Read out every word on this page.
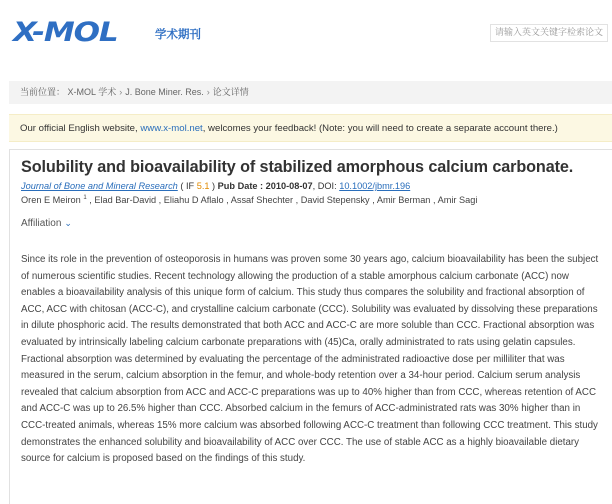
X-MOL	学术期刊
请输入英文关键字检索论文
当前位置： X-MOL 学术 › J. Bone Miner. Res. › 论文详情
Our official English website, www.x-mol.net, welcomes your feedback! (Note: you will need to create a separate account there.)
Solubility and bioavailability of stabilized amorphous calcium carbonate.
Journal of Bone and Mineral Research ( IF 5.1 ) Pub Date : 2010-08-07, DOI: 10.1002/jbmr.196
Oren E Meiron $^1$ , Elad Bar-David , Eliahu D Aflalo , Assaf Shechter , David Stepensky , Amir Berman , Amir Sagi
Affiliation ⌄
Since its role in the prevention of osteoporosis in humans was proven some 30 years ago, calcium bioavailability has been the subject of numerous scientific studies. Recent technology allowing the production of a stable amorphous calcium carbonate (ACC) now enables a bioavailability analysis of this unique form of calcium. This study thus compares the solubility and fractional absorption of ACC, ACC with chitosan (ACC-C), and crystalline calcium carbonate (CCC). Solubility was evaluated by dissolving these preparations in dilute phosphoric acid. The results demonstrated that both ACC and ACC-C are more soluble than CCC. Fractional absorption was evaluated by intrinsically labeling calcium carbonate preparations with (45)Ca, orally administrated to rats using gelatin capsules. Fractional absorption was determined by evaluating the percentage of the administrated radioactive dose per milliliter that was measured in the serum, calcium absorption in the femur, and whole-body retention over a 34-hour period. Calcium serum analysis revealed that calcium absorption from ACC and ACC-C preparations was up to 40% higher than from CCC, whereas retention of ACC and ACC-C was up to 26.5% higher than CCC. Absorbed calcium in the femurs of ACC-administrated rats was 30% higher than in CCC-treated animals, whereas 15% more calcium was absorbed following ACC-C treatment than following CCC treatment. This study demonstrates the enhanced solubility and bioavailability of ACC over CCC. The use of stable ACC as a highly bioavailable dietary source for calcium is proposed based on the findings of this study.
